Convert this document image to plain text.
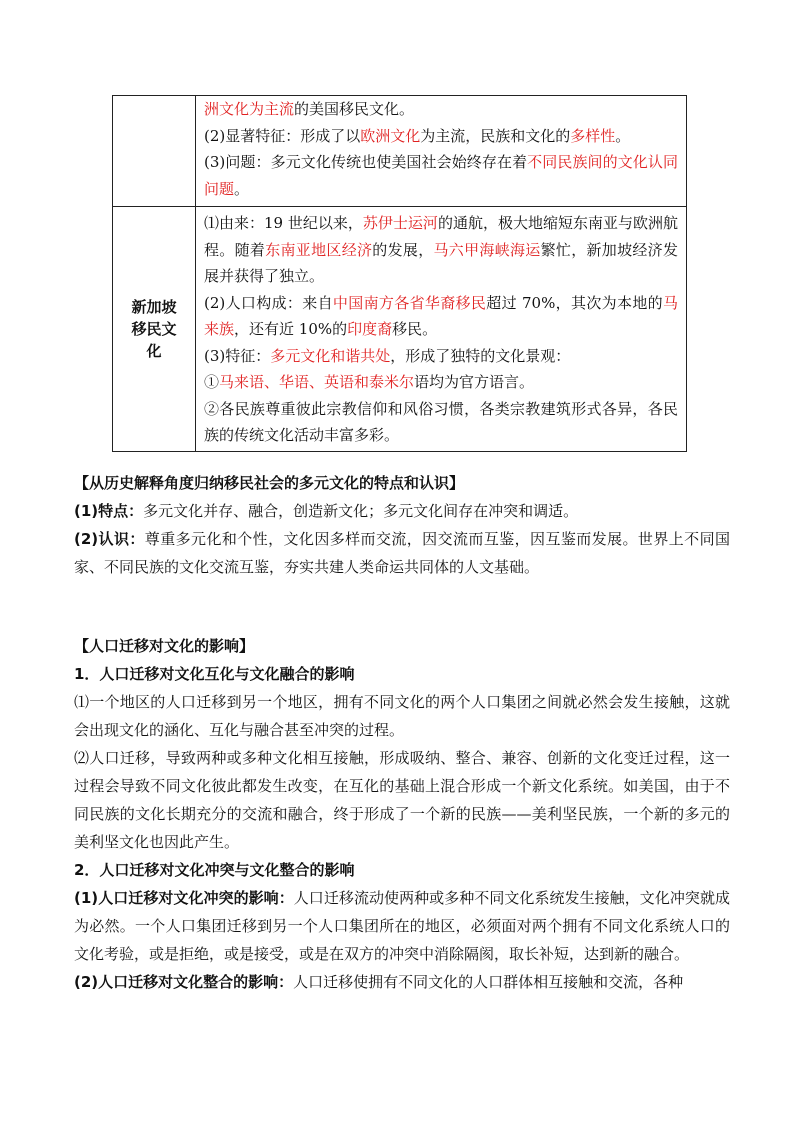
	洲文化为主流的美国移民文化。

(2)显著特征：形成了以欧洲文化为主流，民族和文化的多样性。

(3)问题：多元文化传统也使美国社会始终存在着不同民族间的文化认同问题。

新加坡移民文化	⑴由来：19 世纪以来，苏伊士运河的通航，极大地缩短东南亚与欧洲航程。随着东南亚地区经济的发展，马六甲海峡海运繁忙，新加坡经济发展并获得了独立。

(2)人口构成：来自中国南方各省华裔移民超过 70%，其次为本地的马来族，还有近 10%的印度裔移民。

(3)特征：多元文化和谐共处，形成了独特的文化景观：

①马来语、华语、英语和泰米尔语均为官方语言。

②各民族尊重彼此宗教信仰和风俗习惯，各类宗教建筑形式各异，各民族的传统文化活动丰富多彩。

【从历史解释角度归纳移民社会的多元文化的特点和认识】

(1)特点：多元文化并存、融合，创造新文化；多元文化间存在冲突和调适。

(2)认识：尊重多元化和个性，文化因多样而交流，因交流而互鉴，因互鉴而发展。世界上不同国家、不同民族的文化交流互鉴，夯实共建人类命运共同体的人文基础。

【人口迁移对文化的影响】

1．人口迁移对文化互化与文化融合的影响

⑴一个地区的人口迁移到另一个地区，拥有不同文化的两个人口集团之间就必然会发生接触，这就会出现文化的涵化、互化与融合甚至冲突的过程。

⑵人口迁移，导致两种或多种文化相互接触，形成吸纳、整合、兼容、创新的文化变迁过程，这一过程会导致不同文化彼此都发生改变，在互化的基础上混合形成一个新文化系统。如美国，由于不同民族的文化长期充分的交流和融合，终于形成了一个新的民族——美利坚民族，一个新的多元的美利坚文化也因此产生。

2．人口迁移对文化冲突与文化整合的影响

(1)人口迁移对文化冲突的影响：人口迁移流动使两种或多种不同文化系统发生接触，文化冲突就成为必然。一个人口集团迁移到另一个人口集团所在的地区，必须面对两个拥有不同文化系统人口的文化考验，或是拒绝，或是接受，或是在双方的冲突中消除隔阂，取长补短，达到新的融合。

(2)人口迁移对文化整合的影响：人口迁移使拥有不同文化的人口群体相互接触和交流，各种
